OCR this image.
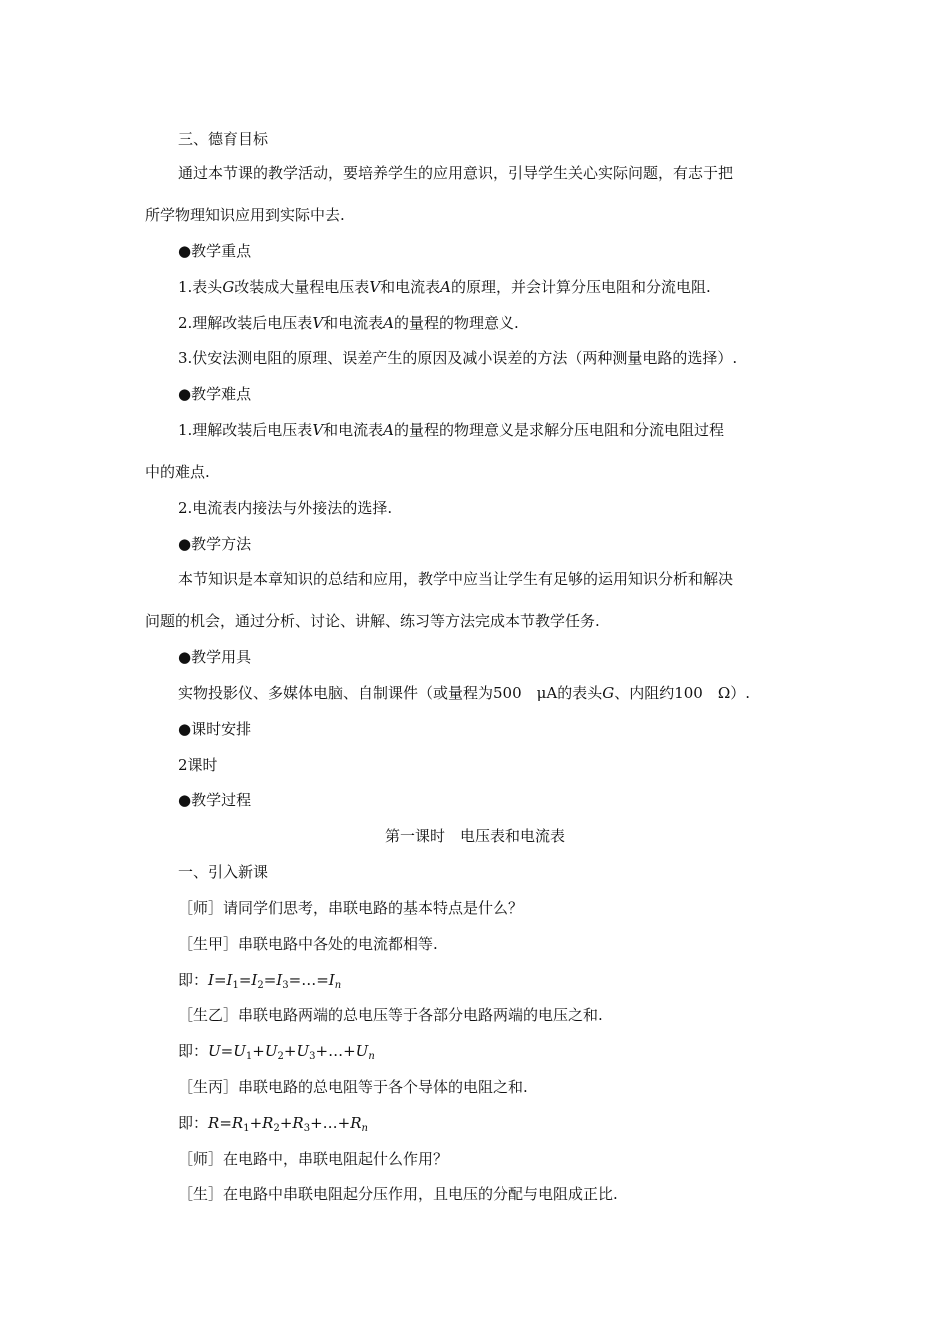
三、德育目标
通过本节课的教学活动，要培养学生的应用意识，引导学生关心实际问题，有志于把
所学物理知识应用到实际中去.
●教学重点
1.表头G改装成大量程电压表V和电流表A的原理，并会计算分压电阻和分流电阻.
2.理解改装后电压表V和电流表A的量程的物理意义.
3.伏安法测电阻的原理、误差产生的原因及减小误差的方法（两种测量电路的选择）.
●教学难点
1.理解改装后电压表V和电流表A的量程的物理意义是求解分压电阻和分流电阻过程
中的难点.
2.电流表内接法与外接法的选择.
●教学方法
本节知识是本章知识的总结和应用，教学中应当让学生有足够的运用知识分析和解决
问题的机会，通过分析、讨论、讲解、练习等方法完成本节教学任务.
●教学用具
实物投影仪、多媒体电脑、自制课件（或量程为500　μA的表头G、内阻约100　Ω）.
●课时安排
2课时
●教学过程
第一课时　电压表和电流表
一、引入新课
［师］请同学们思考，串联电路的基本特点是什么？
［生甲］串联电路中各处的电流都相等.
即：$I=I_1=I_2=I_3=\dots=I_n$
［生乙］串联电路两端的总电压等于各部分电路两端的电压之和.
即：$U=U_1+U_2+U_3+\dots+U_n$
［生丙］串联电路的总电阻等于各个导体的电阻之和.
即：$R=R_1+R_2+R_3+\dots+R_n$
［师］在电路中，串联电阻起什么作用？
［生］在电路中串联电阻起分压作用，且电压的分配与电阻成正比.
